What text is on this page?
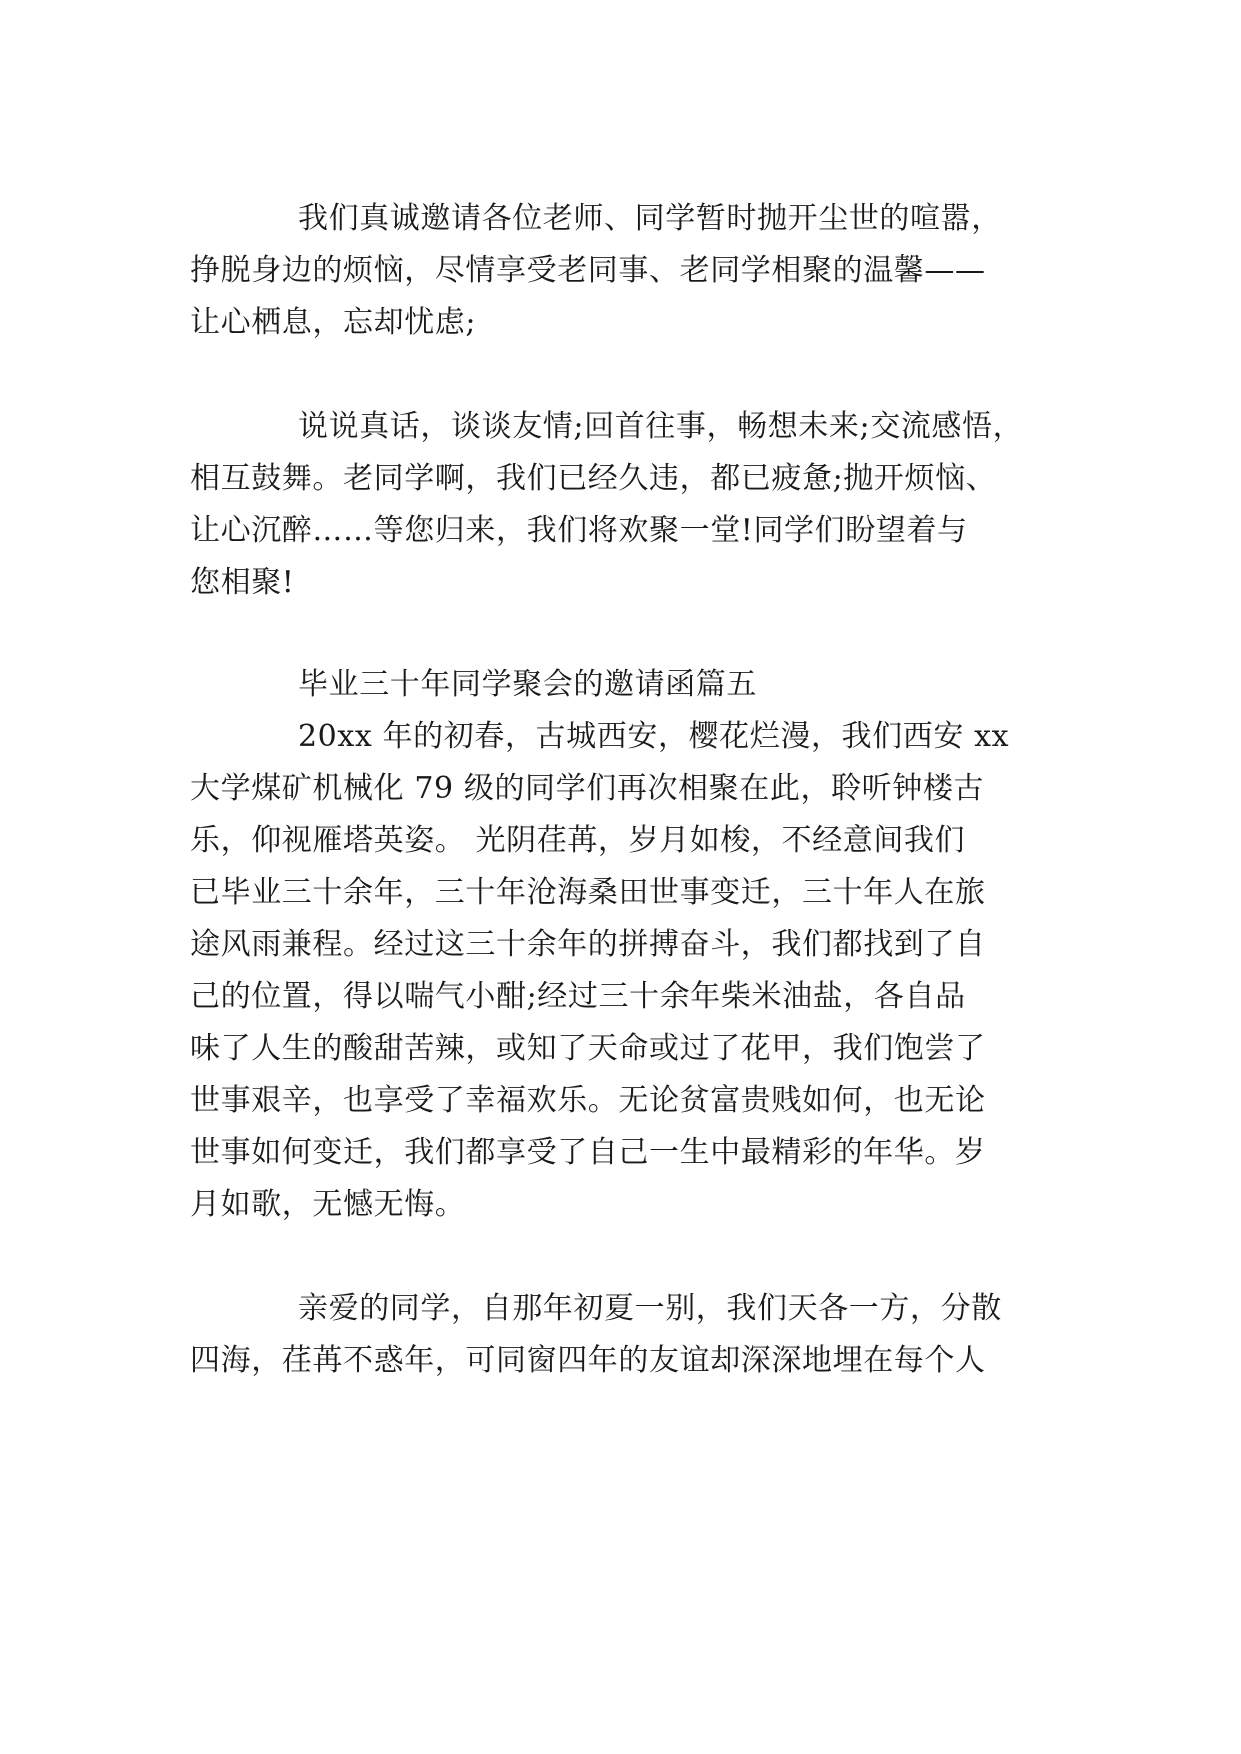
我们真诚邀请各位老师、同学暂时抛开尘世的喧嚣，

挣脱身边的烦恼，尽情享受老同事、老同学相聚的温馨——

让心栖息，忘却忧虑;

说说真话，谈谈友情;回首往事，畅想未来;交流感悟，

相互鼓舞。老同学啊，我们已经久违，都已疲惫;抛开烦恼、

让心沉醉……等您归来，我们将欢聚一堂!同学们盼望着与

您相聚!

毕业三十年同学聚会的邀请函篇五

20xx 年的初春，古城西安，樱花烂漫，我们西安 xx

大学煤矿机械化 79 级的同学们再次相聚在此，聆听钟楼古

乐，仰视雁塔英姿。 光阴荏苒，岁月如梭，不经意间我们

已毕业三十余年，三十年沧海桑田世事变迁，三十年人在旅

途风雨兼程。经过这三十余年的拼搏奋斗，我们都找到了自

己的位置，得以喘气小酣;经过三十余年柴米油盐，各自品

味了人生的酸甜苦辣，或知了天命或过了花甲，我们饱尝了

世事艰辛，也享受了幸福欢乐。无论贫富贵贱如何，也无论

世事如何变迁，我们都享受了自己一生中最精彩的年华。岁

月如歌，无憾无悔。

亲爱的同学，自那年初夏一别，我们天各一方，分散

四海，荏苒不惑年，可同窗四年的友谊却深深地埋在每个人
